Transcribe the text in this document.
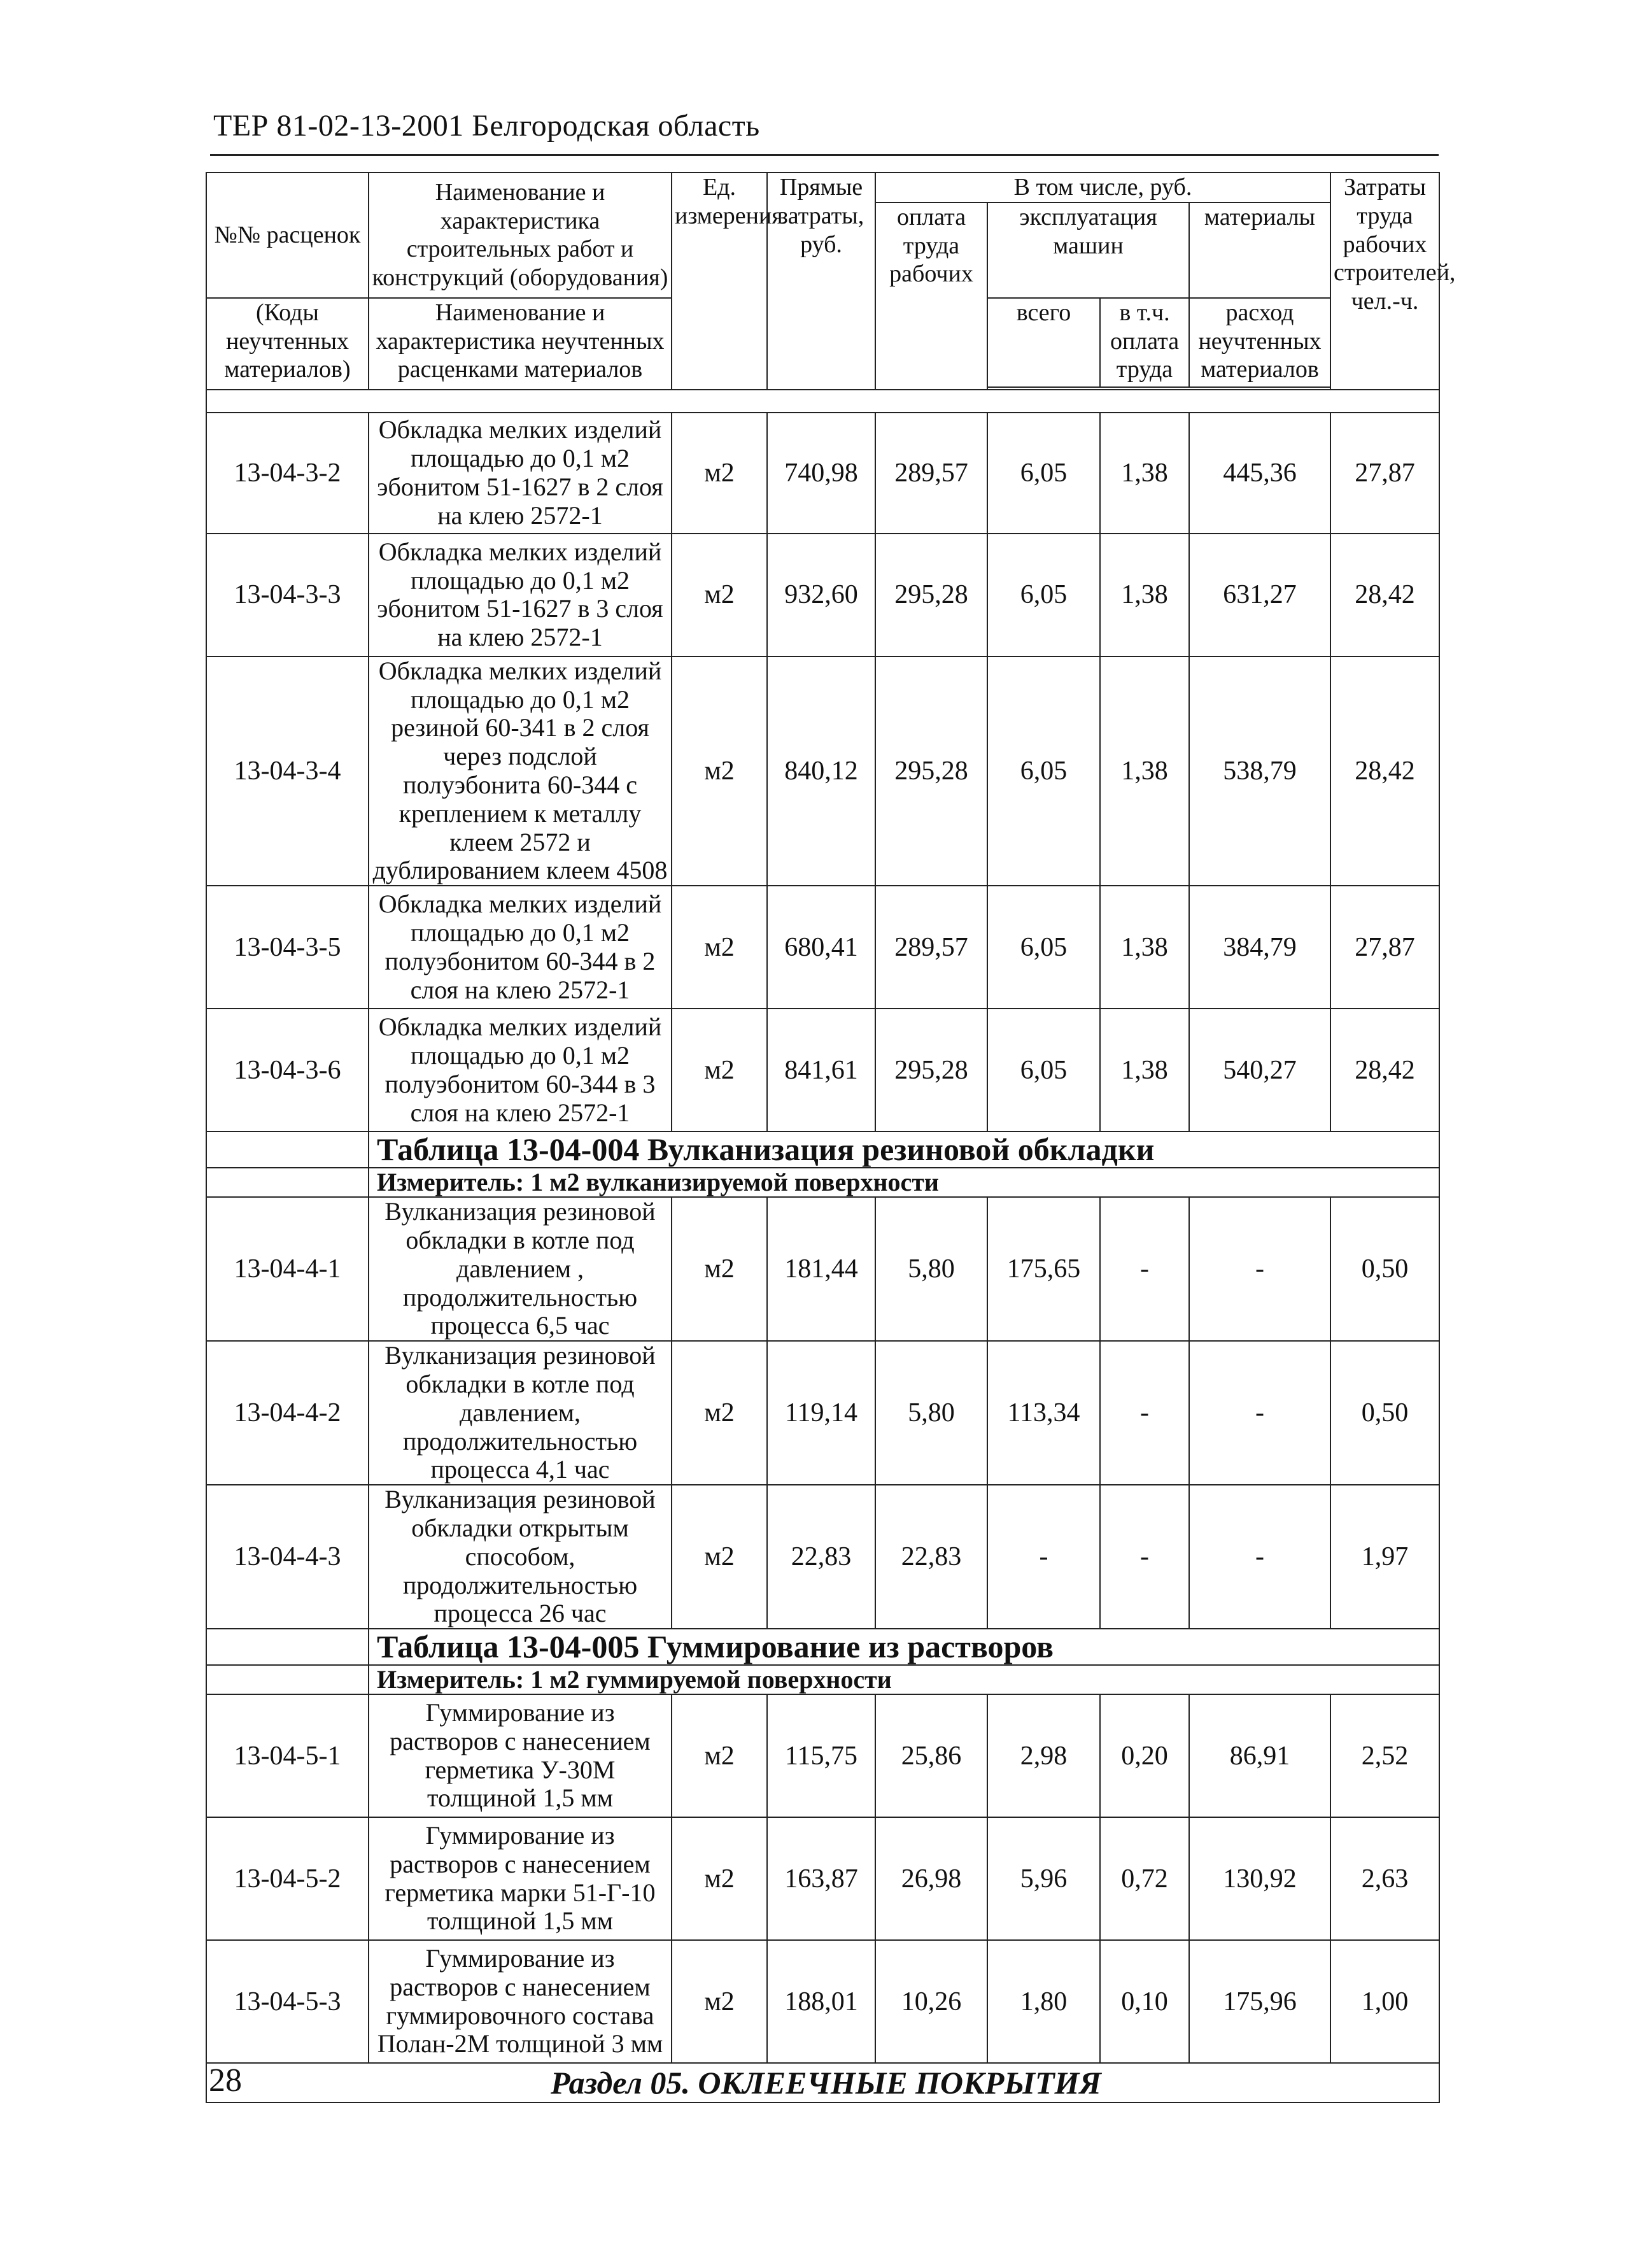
ТЕР 81-02-13-2001 Белгородская область
№№ расценок	Наименование и характеристика строительных работ и конструкций (оборудования)	Ед. измерения	Прямые затраты, руб.	В том числе, руб.				Затраты труда рабочих строителей, чел.-ч.
				оплата труда рабочих	эксплуатация машин		материалы	
(Коды неучтенных материалов)	Наименование и характеристика неучтенных расценками материалов				всего	в т.ч. оплата труда	расход неучтенных материалов	

13-04-3-2	Обкладка мелких изделий площадью до 0,1 м2 эбонитом 51-1627 в 2 слоя на клею 2572-1	м2	740,98	289,57	6,05	1,38	445,36	27,87
13-04-3-3	Обкладка мелких изделий площадью до 0,1 м2 эбонитом 51-1627 в 3 слоя на клею 2572-1	м2	932,60	295,28	6,05	1,38	631,27	28,42
13-04-3-4	Обкладка мелких изделий площадью до 0,1 м2 резиной 60-341 в 2 слоя через подслой полуэбонита 60-344 с креплением к металлу клеем 2572 и дублированием клеем 4508	м2	840,12	295,28	6,05	1,38	538,79	28,42
13-04-3-5	Обкладка мелких изделий площадью до 0,1 м2 полуэбонитом 60-344 в 2 слоя на клею 2572-1	м2	680,41	289,57	6,05	1,38	384,79	27,87
13-04-3-6	Обкладка мелких изделий площадью до 0,1 м2 полуэбонитом 60-344 в 3 слоя на клею 2572-1	м2	841,61	295,28	6,05	1,38	540,27	28,42
	Таблица 13-04-004 Вулканизация резиновой обкладки							
	Измеритель: 1 м2 вулканизируемой поверхности							
13-04-4-1	Вулканизация резиновой обкладки в котле под давлением , продолжительностью процесса 6,5 час	м2	181,44	5,80	175,65	-	-	0,50
13-04-4-2	Вулканизация резиновой обкладки в котле под давлением, продолжительностью процесса 4,1 час	м2	119,14	5,80	113,34	-	-	0,50
13-04-4-3	Вулканизация резиновой обкладки открытым способом, продолжительностью процесса 26 час	м2	22,83	22,83	-	-	-	1,97
	Таблица 13-04-005 Гуммирование из растворов							
	Измеритель: 1 м2 гуммируемой поверхности							
13-04-5-1	Гуммирование из растворов с нанесением герметика У-30М толщиной 1,5 мм	м2	115,75	25,86	2,98	0,20	86,91	2,52
13-04-5-2	Гуммирование из растворов с нанесением герметика марки 51-Г-10 толщиной 1,5 мм	м2	163,87	26,98	5,96	0,72	130,92	2,63
13-04-5-3	Гуммирование из растворов с нанесением гуммировочного состава Полан-2М толщиной 3 мм	м2	188,01	10,26	1,80	0,10	175,96	1,00
Раздел 05. ОКЛЕЕЧНЫЕ ПОКРЫТИЯ								
28
